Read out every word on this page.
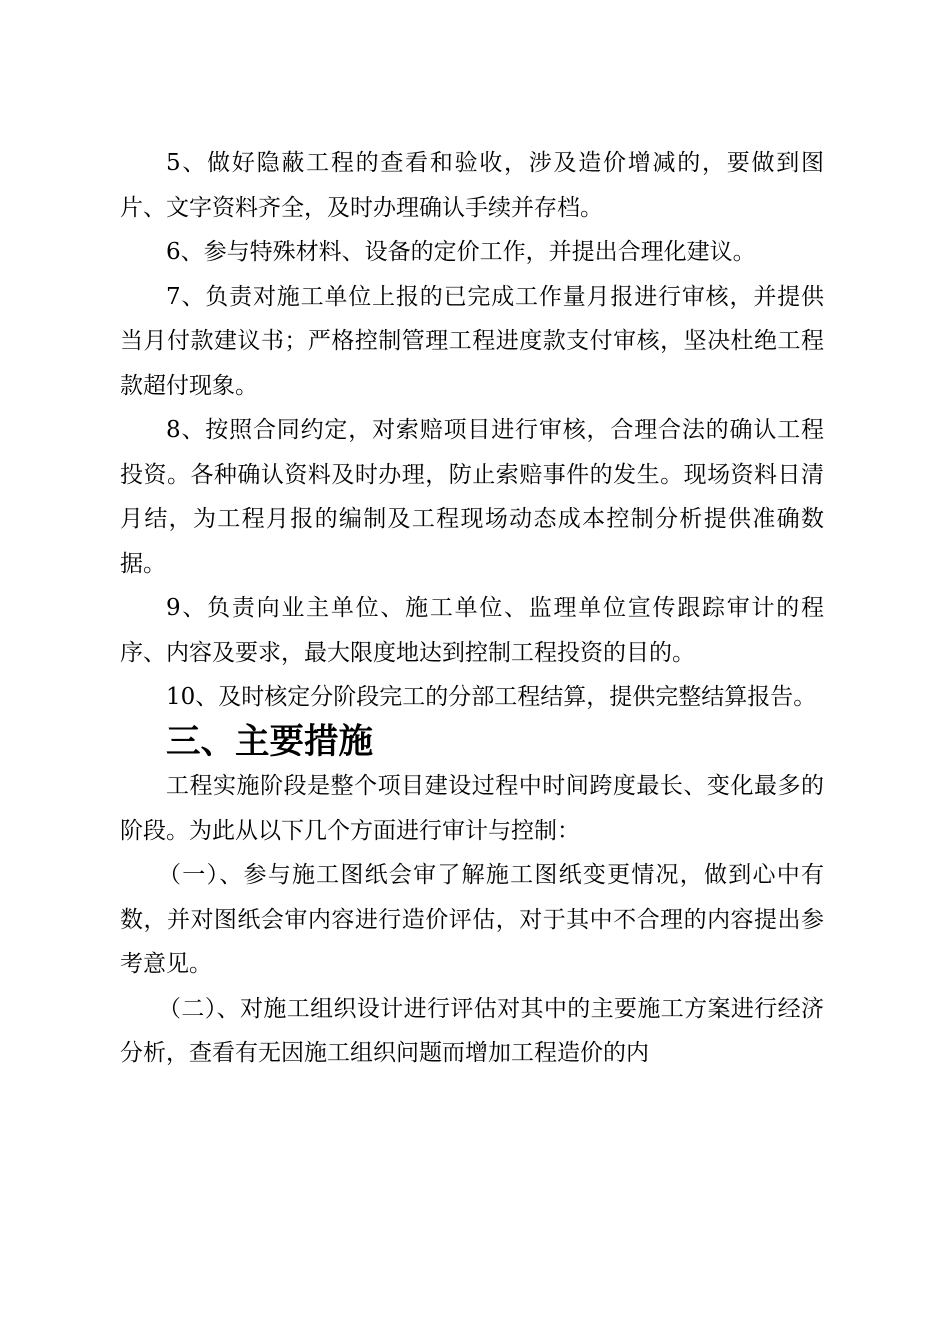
5、做好隐蔽工程的查看和验收，涉及造价增减的，要做到图片、文字资料齐全，及时办理确认手续并存档。

6、参与特殊材料、设备的定价工作，并提出合理化建议。

7、负责对施工单位上报的已完成工作量月报进行审核，并提供当月付款建议书；严格控制管理工程进度款支付审核，坚决杜绝工程款超付现象。

8、按照合同约定，对索赔项目进行审核，合理合法的确认工程投资。各种确认资料及时办理，防止索赔事件的发生。现场资料日清月结，为工程月报的编制及工程现场动态成本控制分析提供准确数据。

9、负责向业主单位、施工单位、监理单位宣传跟踪审计的程序、内容及要求，最大限度地达到控制工程投资的目的。

10、及时核定分阶段完工的分部工程结算，提供完整结算报告。

三、主要措施

工程实施阶段是整个项目建设过程中时间跨度最长、变化最多的阶段。为此从以下几个方面进行审计与控制：

（一）、参与施工图纸会审了解施工图纸变更情况，做到心中有数，并对图纸会审内容进行造价评估，对于其中不合理的内容提出参考意见。

（二）、对施工组织设计进行评估对其中的主要施工方案进行经济分析，查看有无因施工组织问题而增加工程造价的内
